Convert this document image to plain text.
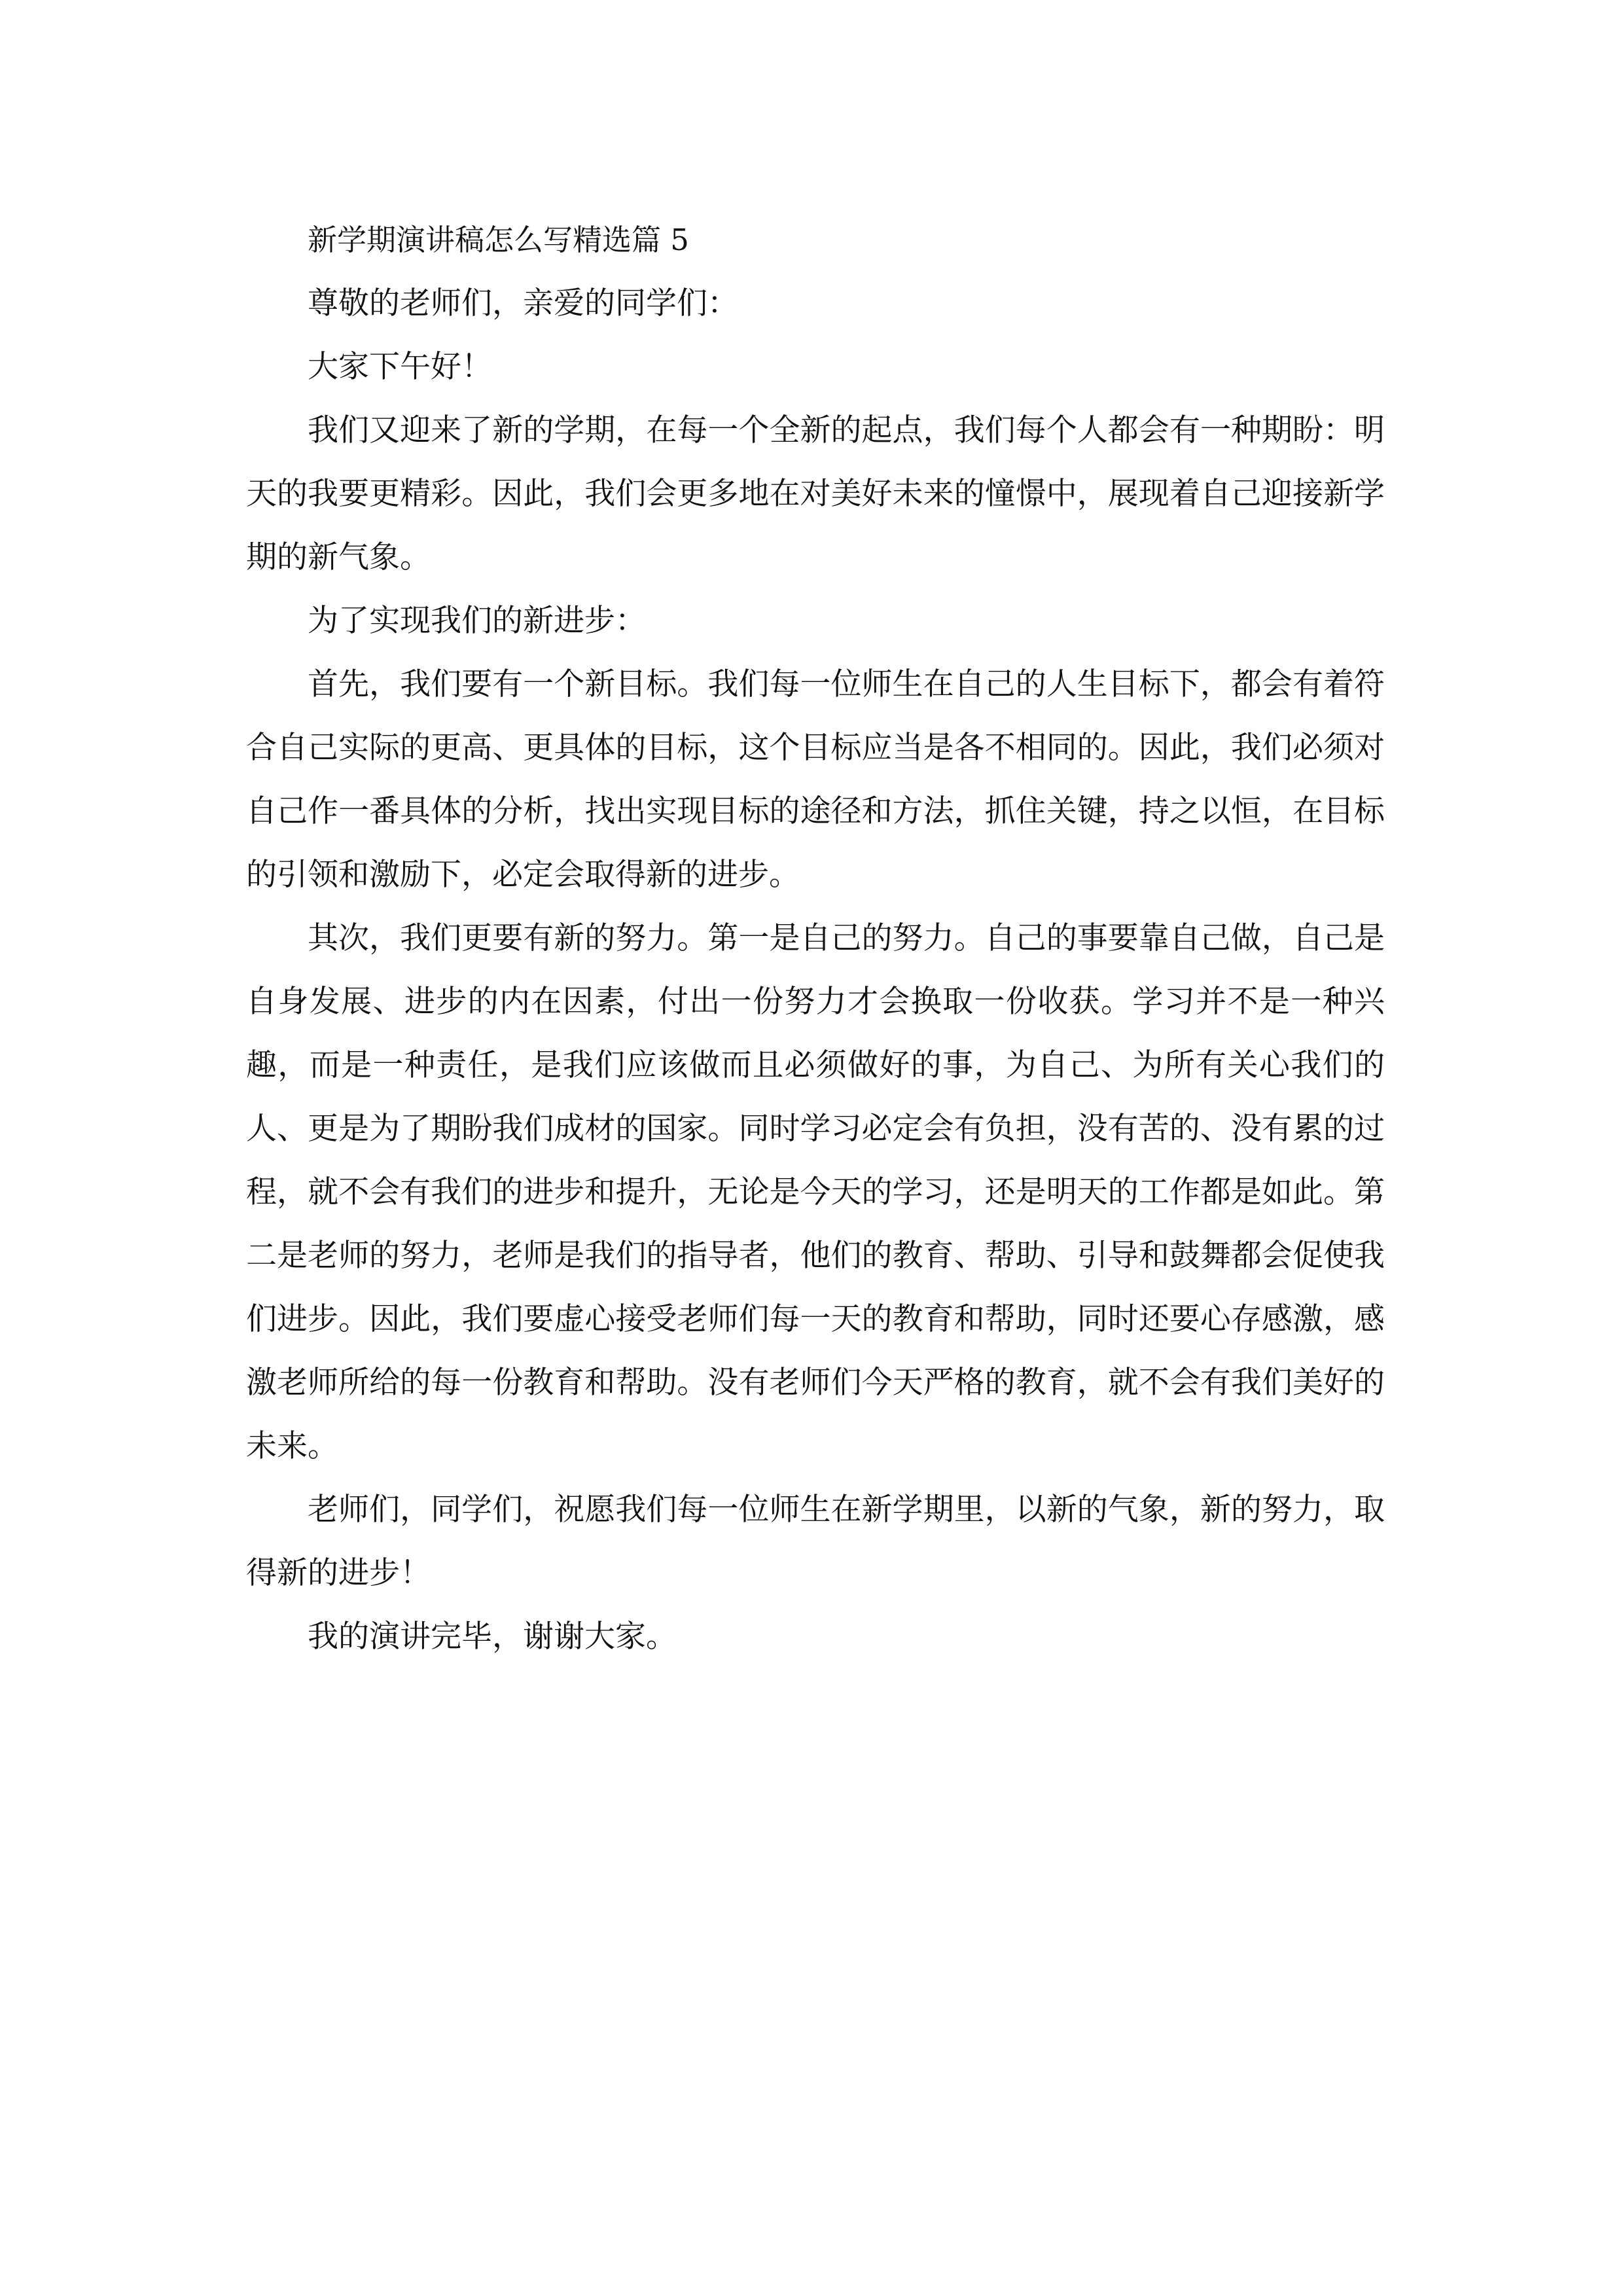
新学期演讲稿怎么写精选篇 5

尊敬的老师们，亲爱的同学们：

大家下午好！

我们又迎来了新的学期，在每一个全新的起点，我们每个人都会有一种期盼：明天的我要更精彩。因此，我们会更多地在对美好未来的憧憬中，展现着自己迎接新学期的新气象。

为了实现我们的新进步：

首先，我们要有一个新目标。我们每一位师生在自己的人生目标下，都会有着符合自己实际的更高、更具体的目标，这个目标应当是各不相同的。因此，我们必须对自己作一番具体的分析，找出实现目标的途径和方法，抓住关键，持之以恒，在目标的引领和激励下，必定会取得新的进步。

其次，我们更要有新的努力。第一是自己的努力。自己的事要靠自己做，自己是自身发展、进步的内在因素，付出一份努力才会换取一份收获。学习并不是一种兴趣，而是一种责任，是我们应该做而且必须做好的事，为自己、为所有关心我们的人、更是为了期盼我们成材的国家。同时学习必定会有负担，没有苦的、没有累的过程，就不会有我们的进步和提升，无论是今天的学习，还是明天的工作都是如此。第二是老师的努力，老师是我们的指导者，他们的教育、帮助、引导和鼓舞都会促使我们进步。因此，我们要虚心接受老师们每一天的教育和帮助，同时还要心存感激，感激老师所给的每一份教育和帮助。没有老师们今天严格的教育，就不会有我们美好的未来。

老师们，同学们，祝愿我们每一位师生在新学期里，以新的气象，新的努力，取得新的进步！

我的演讲完毕，谢谢大家。
